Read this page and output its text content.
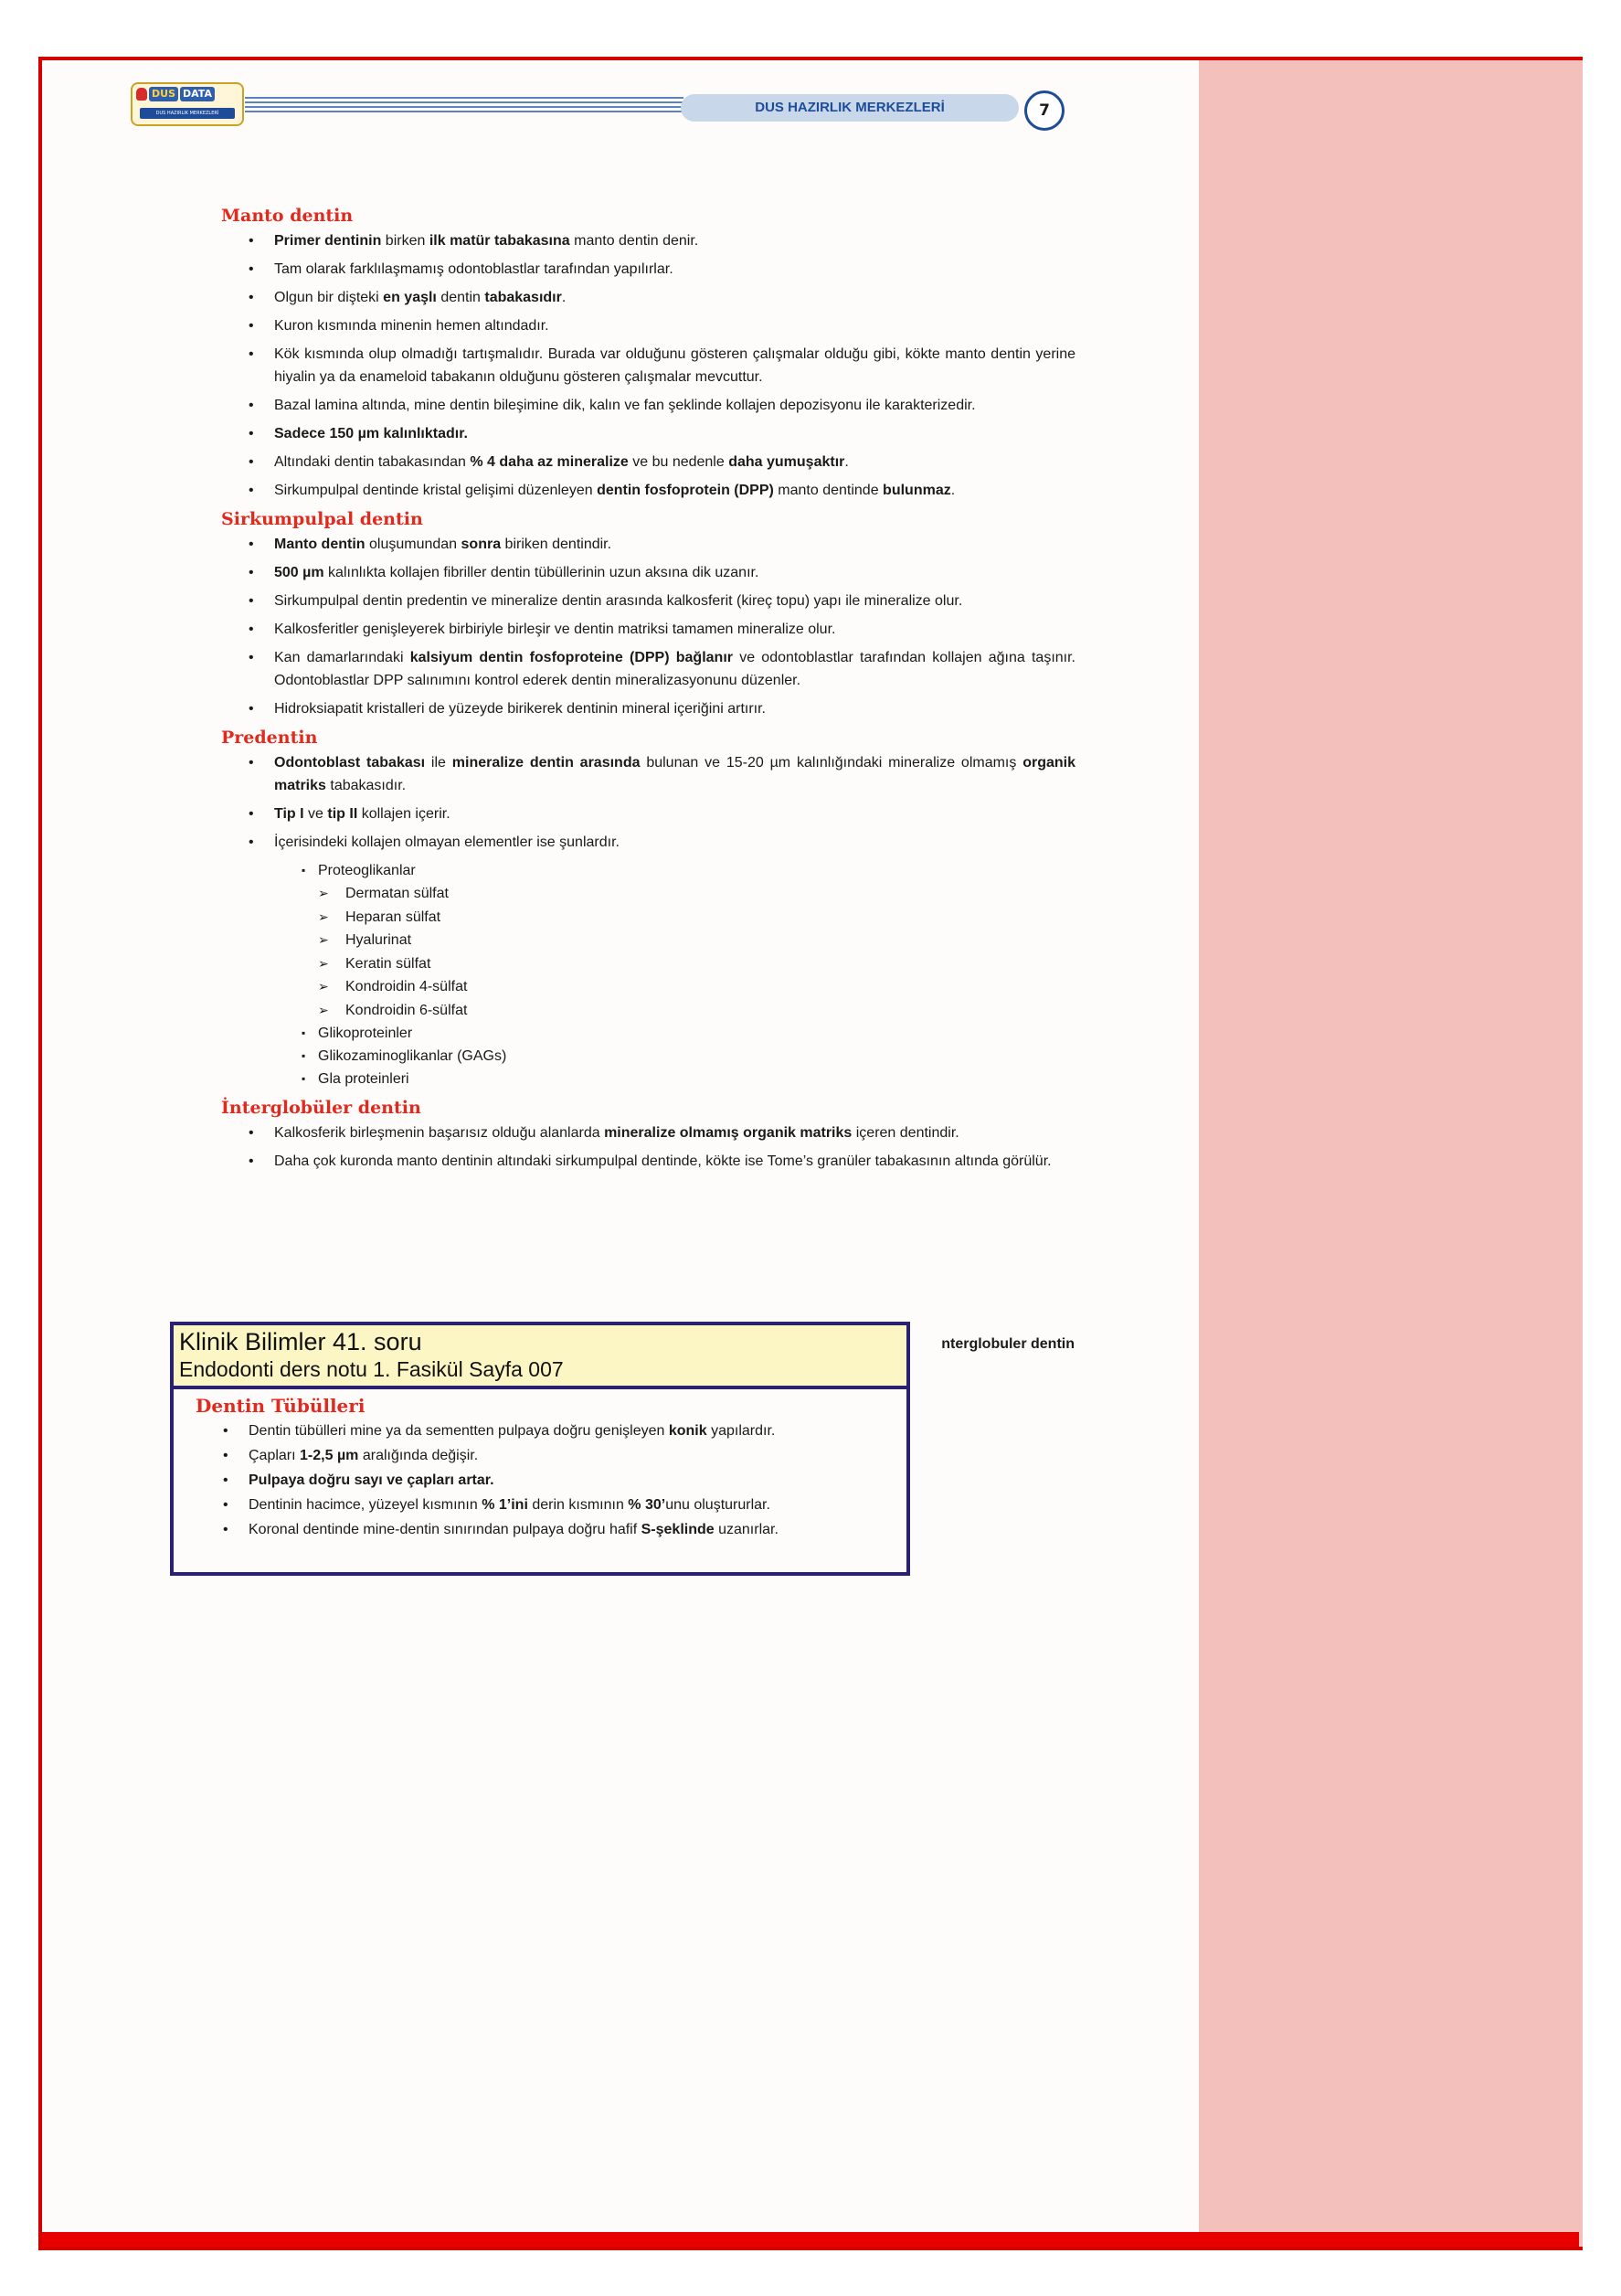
DUS DATA
DUS HAZIRLIK MERKEZLERİ	DUS HAZIRLIK MERKEZLERİ	7
Manto dentin
• Primer dentinin birken ilk matür tabakasına manto dentin denir.
• Tam olarak farklılaşmamış odontoblastlar tarafından yapılırlar.
• Olgun bir dişteki en yaşlı dentin tabakasıdır.
• Kuron kısmında minenin hemen altındadır.
• Kök kısmında olup olmadığı tartışmalıdır. Burada var olduğunu gösteren çalışmalar olduğu gibi, kökte manto dentin yerine hiyalin ya da enameloid tabakanın olduğunu gösteren çalışmalar mevcuttur.
• Bazal lamina altında, mine dentin bileşimine dik, kalın ve fan şeklinde kollajen depozisyonu ile karakterizedir.
• Sadece 150 µm kalınlıktadır.
• Altındaki dentin tabakasından % 4 daha az mineralize ve bu nedenle daha yumuşaktır.
• Sirkumpulpal dentinde kristal gelişimi düzenleyen dentin fosfoprotein (DPP) manto dentinde bulunmaz.
Sirkumpulpal dentin
• Manto dentin oluşumundan sonra biriken dentindir.
• 500 µm kalınlıkta kollajen fibriller dentin tübüllerinin uzun aksına dik uzanır.
• Sirkumpulpal dentin predentin ve mineralize dentin arasında kalkosferit (kireç topu) yapı ile mineralize olur.
• Kalkosferitler genişleyerek birbiriyle birleşir ve dentin matriksi tamamen mineralize olur.
• Kan damarlarındaki kalsiyum dentin fosfoproteine (DPP) bağlanır ve odontoblastlar tarafından kollajen ağına taşınır. Odontoblastlar DPP salınımını kontrol ederek dentin mineralizasyonunu düzenler.
• Hidroksiapatit kristalleri de yüzeyde birikerek dentinin mineral içeriğini artırır.
Predentin
• Odontoblast tabakası ile mineralize dentin arasında bulunan ve 15-20 µm kalınlığındaki mineralize olmamış organik matriks tabakasıdır.
• Tip I ve tip II kollajen içerir.
• İçerisindeki kollajen olmayan elementler ise şunlardır.
▪ Proteoglikanlar
➢ Dermatan sülfat
➢ Heparan sülfat
➢ Hyalurinat
➢ Keratin sülfat
➢ Kondroidin 4-sülfat
➢ Kondroidin 6-sülfat
▪ Glikoproteinler
▪ Glikozaminoglikanlar (GAGs)
▪ Gla proteinleri
İnterglobüler dentin
• Kalkosferik birleşmenin başarısız olduğu alanlarda mineralize olmamış organik matriks içeren dentindir.
• Daha çok kuronda manto dentinin altındaki sirkumpulpal dentinde, kökte ise Tome’s granüler tabakasının altında görülür.
nterglobuler dentin
Klinik Bilimler 41. soru
Endodonti ders notu 1. Fasikül Sayfa 007
Dentin Tübülleri
• Dentin tübülleri mine ya da sementten pulpaya doğru genişleyen konik yapılardır.
• Çapları 1-2,5 µm aralığında değişir.
• Pulpaya doğru sayı ve çapları artar.
• Dentinin hacimce, yüzeyel kısmının % 1’ini derin kısmının % 30’unu oluştururlar.
• Koronal dentinde mine-dentin sınırından pulpaya doğru hafif S-şeklinde uzanırlar.
